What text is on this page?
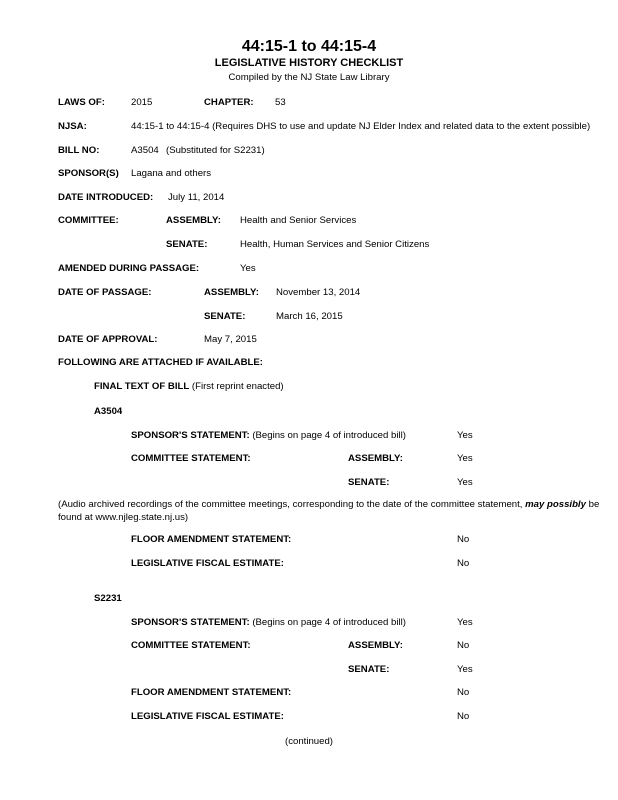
44:15-1 to 44:15-4
LEGISLATIVE HISTORY CHECKLIST
Compiled by the NJ State Law Library
LAWS OF:	2015	CHAPTER: 53
NJSA:	44:15-1 to 44:15-4 (Requires DHS to use and update NJ Elder Index and related data to the extent possible)
BILL NO:	A3504 (Substituted for S2231)
SPONSOR(S) Lagana and others
DATE INTRODUCED: July 11, 2014
COMMITTEE:	ASSEMBLY: Health and Senior Services
SENATE:	Health, Human Services and Senior Citizens
AMENDED DURING PASSAGE:	Yes
DATE OF PASSAGE:	ASSEMBLY: November 13, 2014
SENATE:	March 16, 2015
DATE OF APPROVAL:	May 7, 2015
FOLLOWING ARE ATTACHED IF AVAILABLE:
FINAL TEXT OF BILL (First reprint enacted)
A3504
SPONSOR'S STATEMENT: (Begins on page 4 of introduced bill)	Yes
COMMITTEE STATEMENT:	ASSEMBLY:	Yes
SENATE:	Yes
(Audio archived recordings of the committee meetings, corresponding to the date of the committee statement, may possibly be found at www.njleg.state.nj.us)
FLOOR AMENDMENT STATEMENT:	No
LEGISLATIVE FISCAL ESTIMATE:	No
S2231
SPONSOR'S STATEMENT: (Begins on page 4 of introduced bill)	Yes
COMMITTEE STATEMENT:	ASSEMBLY:	No
SENATE:	Yes
FLOOR AMENDMENT STATEMENT:	No
LEGISLATIVE FISCAL ESTIMATE:	No
(continued)
